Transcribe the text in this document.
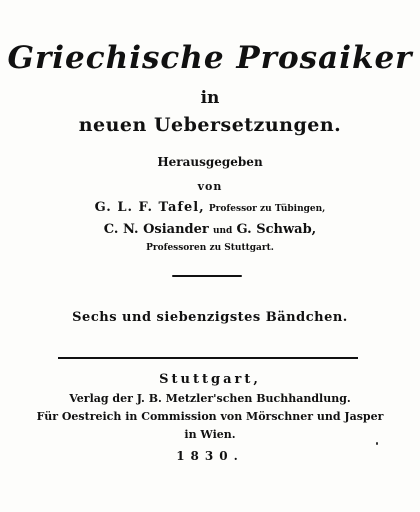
Griechische Prosaiker
in
neuen Uebersetzungen.
Herausgegeben
von
G. L. F. Tafel, Professor zu Tübingen,
C. N. Osiander und G. Schwab,
Professoren zu Stuttgart.
Sechs und siebenzigstes Bändchen.
Stuttgart,
Verlag der J. B. Metzler'schen Buchhandlung.
Für Oestreich in Commission von Mörschner und Jasper
in Wien.
1830.
